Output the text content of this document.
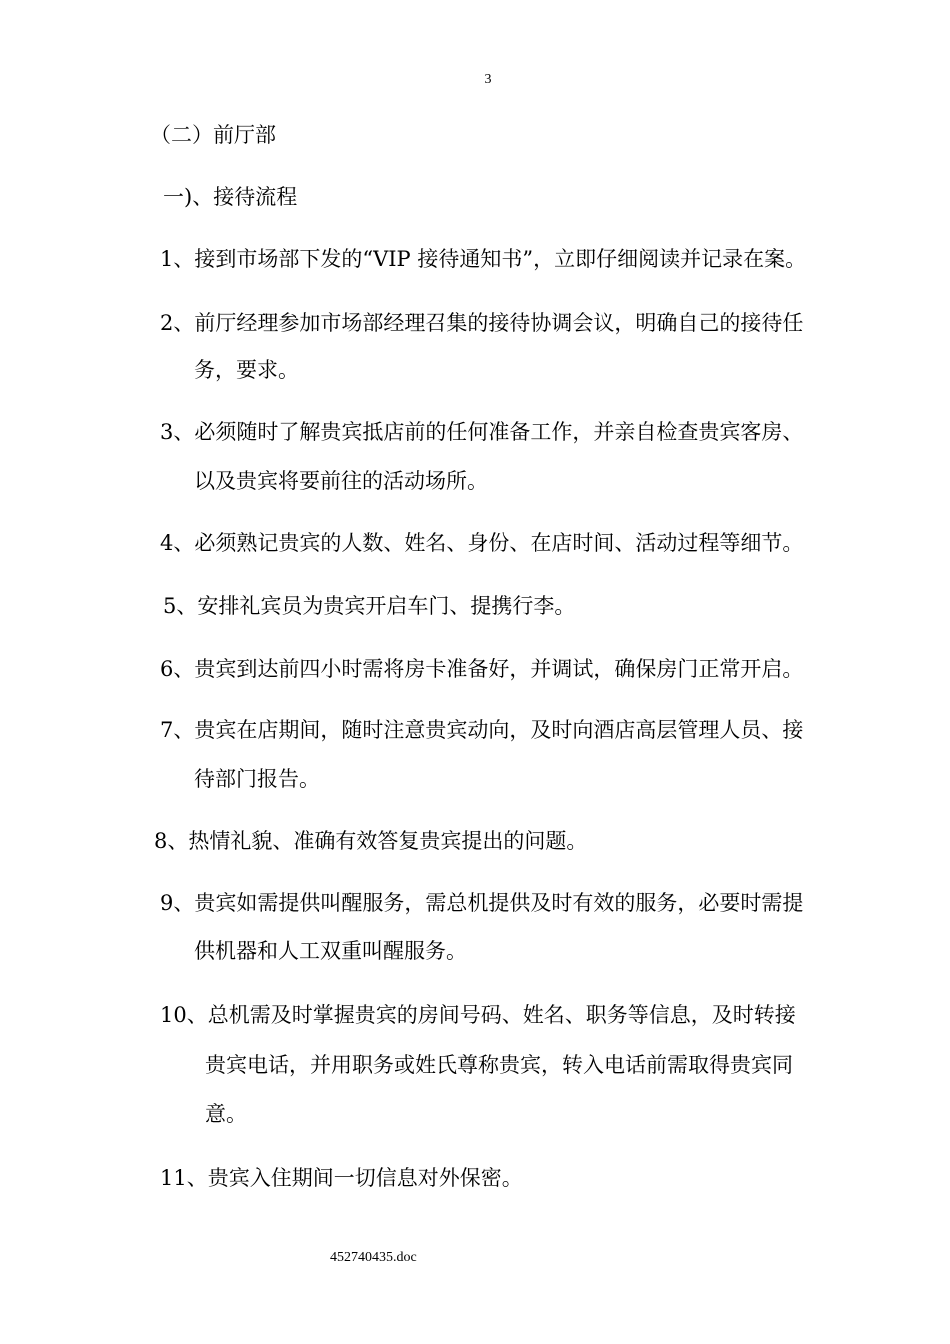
3
（二）前厅部
一)、接待流程
1、接到市场部下发的“VIP 接待通知书”，立即仔细阅读并记录在案。
2、前厅经理参加市场部经理召集的接待协调会议，明确自己的接待任
务，要求。
3、必须随时了解贵宾抵店前的任何准备工作，并亲自检查贵宾客房、
以及贵宾将要前往的活动场所。
4、必须熟记贵宾的人数、姓名、身份、在店时间、活动过程等细节。
5、安排礼宾员为贵宾开启车门、提携行李。
6、贵宾到达前四小时需将房卡准备好，并调试，确保房门正常开启。
7、贵宾在店期间，随时注意贵宾动向，及时向酒店高层管理人员、接
待部门报告。
8、热情礼貌、准确有效答复贵宾提出的问题。
9、贵宾如需提供叫醒服务，需总机提供及时有效的服务，必要时需提
供机器和人工双重叫醒服务。
10、总机需及时掌握贵宾的房间号码、姓名、职务等信息，及时转接
贵宾电话，并用职务或姓氏尊称贵宾，转入电话前需取得贵宾同
意。
11、贵宾入住期间一切信息对外保密。
452740435.doc
